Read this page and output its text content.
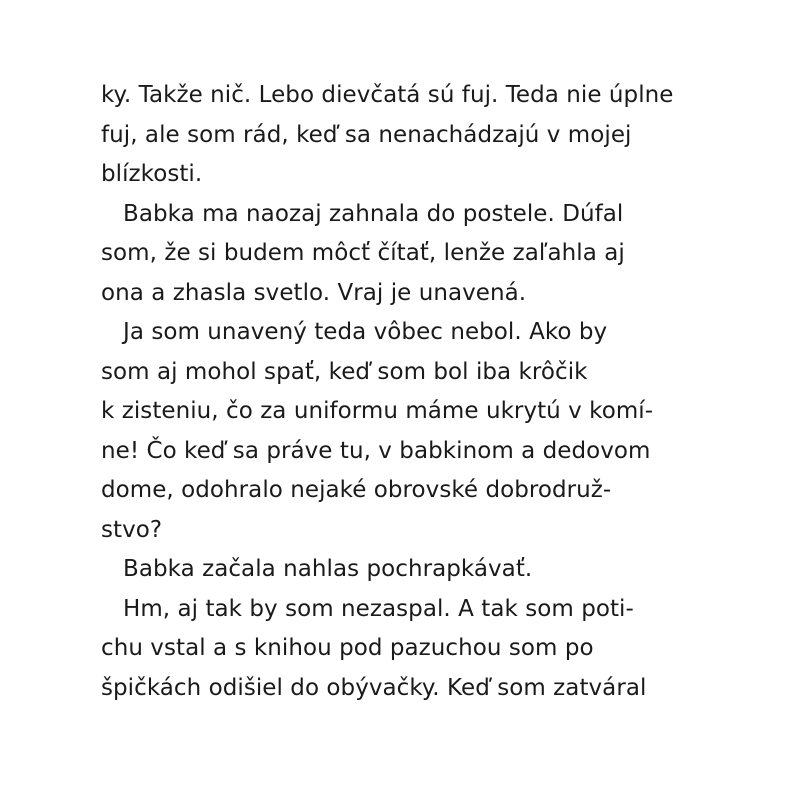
ky. Takže nič. Lebo dievčatá sú fuj. Teda nie úplne
fuj, ale som rád, keď sa nenachádzajú v mojej
blízkosti.
Babka ma naozaj zahnala do postele. Dúfal
som, že si budem môcť čítať, lenže zaľahla aj
ona a zhasla svetlo. Vraj je unavená.
Ja som unavený teda vôbec nebol. Ako by
som aj mohol spať, keď som bol iba krôčik
k zisteniu, čo za uniformu máme ukrytú v komí-
ne! Čo keď sa práve tu, v babkinom a dedovom
dome, odohralo nejaké obrovské dobrodruž-
stvo?
Babka začala nahlas pochrapkávať.
Hm, aj tak by som nezaspal. A tak som poti-
chu vstal a s knihou pod pazuchou som po
špičkách odišiel do obývačky. Keď som zatváral
